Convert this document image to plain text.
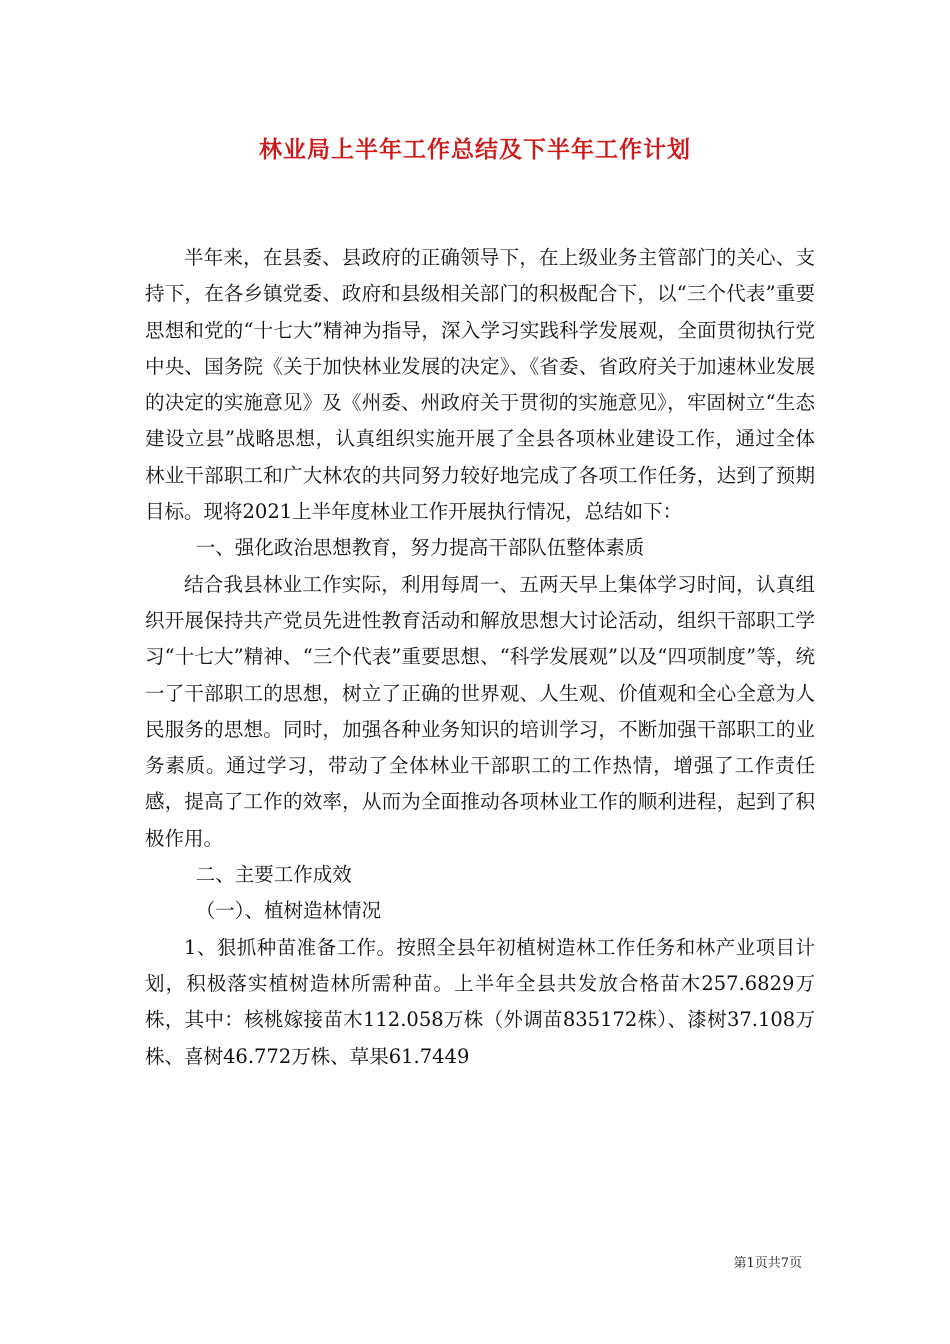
林业局上半年工作总结及下半年工作计划

半年来，在县委、县政府的正确领导下，在上级业务主管部门的关心、支持下，在各乡镇党委、政府和县级相关部门的积极配合下，以“三个代表”重要思想和党的“十七大”精神为指导，深入学习实践科学发展观，全面贯彻执行党中央、国务院《关于加快林业发展的决定》、《省委、省政府关于加速林业发展的决定的实施意见》及《州委、州政府关于贯彻的实施意见》，牢固树立“生态建设立县”战略思想，认真组织实施开展了全县各项林业建设工作，通过全体林业干部职工和广大林农的共同努力较好地完成了各项工作任务，达到了预期目标。现将2021上半年度林业工作开展执行情况，总结如下：

一、强化政治思想教育，努力提高干部队伍整体素质

结合我县林业工作实际，利用每周一、五两天早上集体学习时间，认真组织开展保持共产党员先进性教育活动和解放思想大讨论活动，组织干部职工学习“十七大”精神、“三个代表”重要思想、“科学发展观”以及“四项制度”等，统一了干部职工的思想，树立了正确的世界观、人生观、价值观和全心全意为人民服务的思想。同时，加强各种业务知识的培训学习，不断加强干部职工的业务素质。通过学习，带动了全体林业干部职工的工作热情，增强了工作责任感，提高了工作的效率，从而为全面推动各项林业工作的顺利进程，起到了积极作用。

二、主要工作成效

（一）、植树造林情况

1、狠抓种苗准备工作。按照全县年初植树造林工作任务和林产业项目计划，积极落实植树造林所需种苗。上半年全县共发放合格苗木257.6829万株，其中：核桃嫁接苗木112.058万株（外调苗835172株）、漆树37.108万株、喜树46.772万株、草果61.7449

第1页共7页
